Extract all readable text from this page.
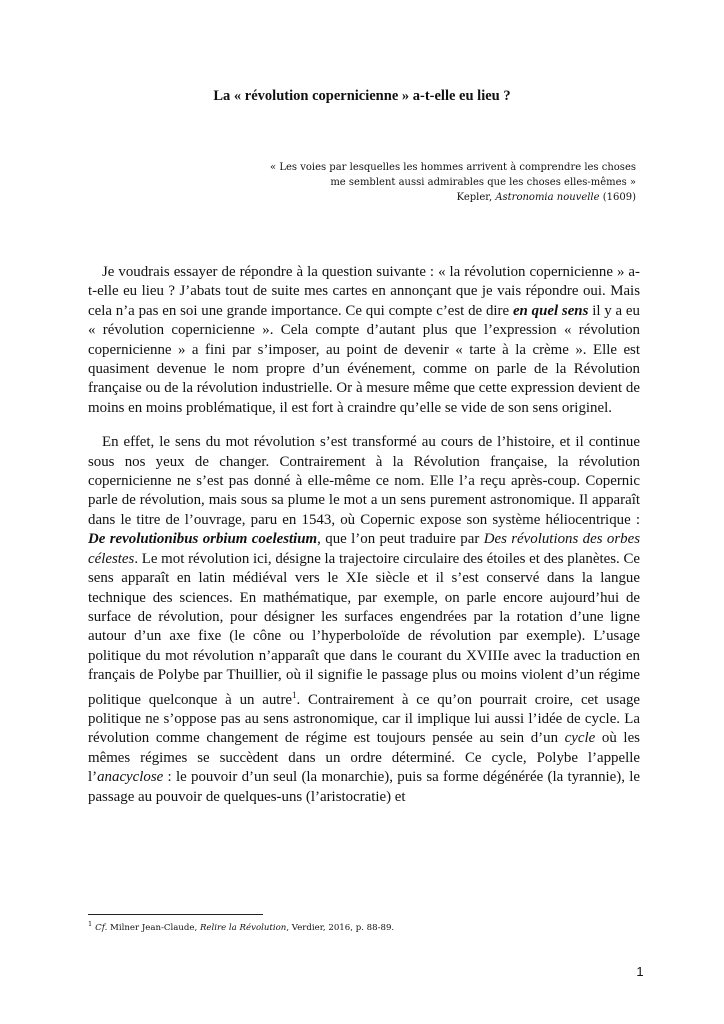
La « révolution copernicienne » a-t-elle eu lieu ?
« Les voies par lesquelles les hommes arrivent à comprendre les choses
me semblent aussi admirables que les choses elles-mêmes »
Kepler, Astronomia nouvelle (1609)

Je voudrais essayer de répondre à la question suivante : « la révolution copernicienne » a-t-elle eu lieu ? J’abats tout de suite mes cartes en annonçant que je vais répondre oui. Mais cela n’a pas en soi une grande importance. Ce qui compte c’est de dire en quel sens il y a eu « révolution copernicienne ». Cela compte d’autant plus que l’expression « révolution copernicienne » a fini par s’imposer, au point de devenir « tarte à la crème ». Elle est quasiment devenue le nom propre d’un événement, comme on parle de la Révolution française ou de la révolution industrielle. Or à mesure même que cette expression devient de moins en moins problématique, il est fort à craindre qu’elle se vide de son sens originel.

En effet, le sens du mot révolution s’est transformé au cours de l’histoire, et il continue sous nos yeux de changer. Contrairement à la Révolution française, la révolution copernicienne ne s’est pas donné à elle-même ce nom. Elle l’a reçu après-coup. Copernic parle de révolution, mais sous sa plume le mot a un sens purement astronomique. Il apparaît dans le titre de l’ouvrage, paru en 1543, où Copernic expose son système héliocentrique : De revolutionibus orbium coelestium, que l’on peut traduire par Des révolutions des orbes célestes. Le mot révolution ici, désigne la trajectoire circulaire des étoiles et des planètes. Ce sens apparaît en latin médiéval vers le XIe siècle et il s’est conservé dans la langue technique des sciences. En mathématique, par exemple, on parle encore aujourd’hui de surface de révolution, pour désigner les surfaces engendrées par la rotation d’une ligne autour d’un axe fixe (le cône ou l’hyperboloïde de révolution par exemple). L’usage politique du mot révolution n’apparaît que dans le courant du XVIIIe avec la traduction en français de Polybe par Thuillier, où il signifie le passage plus ou moins violent d’un régime politique quelconque à un autre$^1$. Contrairement à ce qu’on pourrait croire, cet usage politique ne s’oppose pas au sens astronomique, car il implique lui aussi l’idée de cycle. La révolution comme changement de régime est toujours pensée au sein d’un cycle où les mêmes régimes se succèdent dans un ordre déterminé. Ce cycle, Polybe l’appelle l’anacyclose : le pouvoir d’un seul (la monarchie), puis sa forme dégénérée (la tyrannie), le passage au pouvoir de quelques-uns (l’aristocratie) et

$^1$ Cf. Milner Jean-Claude, Relire la Révolution, Verdier, 2016, p. 88-89.
1
